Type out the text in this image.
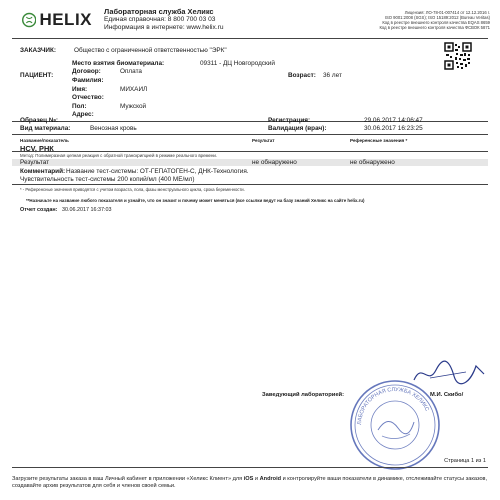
HELIX Лабораторная служба Хеликс
Единая справочная: 8 800 700 03 03
Информация в интернете: www.helix.ru
Лицензия: ЛО-78-01-007414 от 12.12.2016 г.
ISO 9001:2008 (SGS); ISO 15189:2012 (Bureau Veritas)
Код в реестре внешнего контроля качества EQAS 8659
Код в реестре внешнего контроля качества ФСВОК 5871
ЗАКАЗЧИК:	Общество с ограниченной ответственностью "ЭРК"
Место взятия биоматериала:	09311 - ДЦ Новгородский
Договор:	Оплата
ПАЦИЕНТ:
Фамилия:
Возраст: 36 лет
Имя:	МИХАИЛ
Отчество:
Пол:	Мужской
Адрес:
Образец №:
Вид материала:	Венозная кровь
Регистрация:	29.06.2017 14:06:47
Валидация (врач):	30.06.2017 16:23:25
Название/показатель	Результат	Референсные значения *
HCV, РНК
Метод: Полимеразная цепная реакция с обратной транскрипцией в режиме реального времени.
Результат	не обнаружено	не обнаружено
Комментарий: Название тест-системы: ОТ-ГЕПАТОГЕН-С, ДНК-Технология.
Чувствительность тест-системы 200 копий/мл (400 МЕ/мл)
* - Референсные значения приводятся с учетом возраста, пола, фазы менструального цикла, срока беременности.
**Назначьте на название любого показателя и узнайте, что он значит и почему может меняться (все ссылки ведут на базу знаний Хеликс на сайте helix.ru)
Отчет создан: 30.06.2017 16:37:03
ЛАБОРАТОРНАЯ СЛУЖБА ХЕЛИКС
Заведующий лабораторией:	М.И. Скибо/
Страница 1 из 1
Загрузите результаты заказа в ваш Личный кабинет в приложении «Хеликс Клиент» для iOS и Android и контролируйте ваши показатели в динамике, отслеживайте статусы заказов, создавайте архив результатов для себя и членов своей семьи.
